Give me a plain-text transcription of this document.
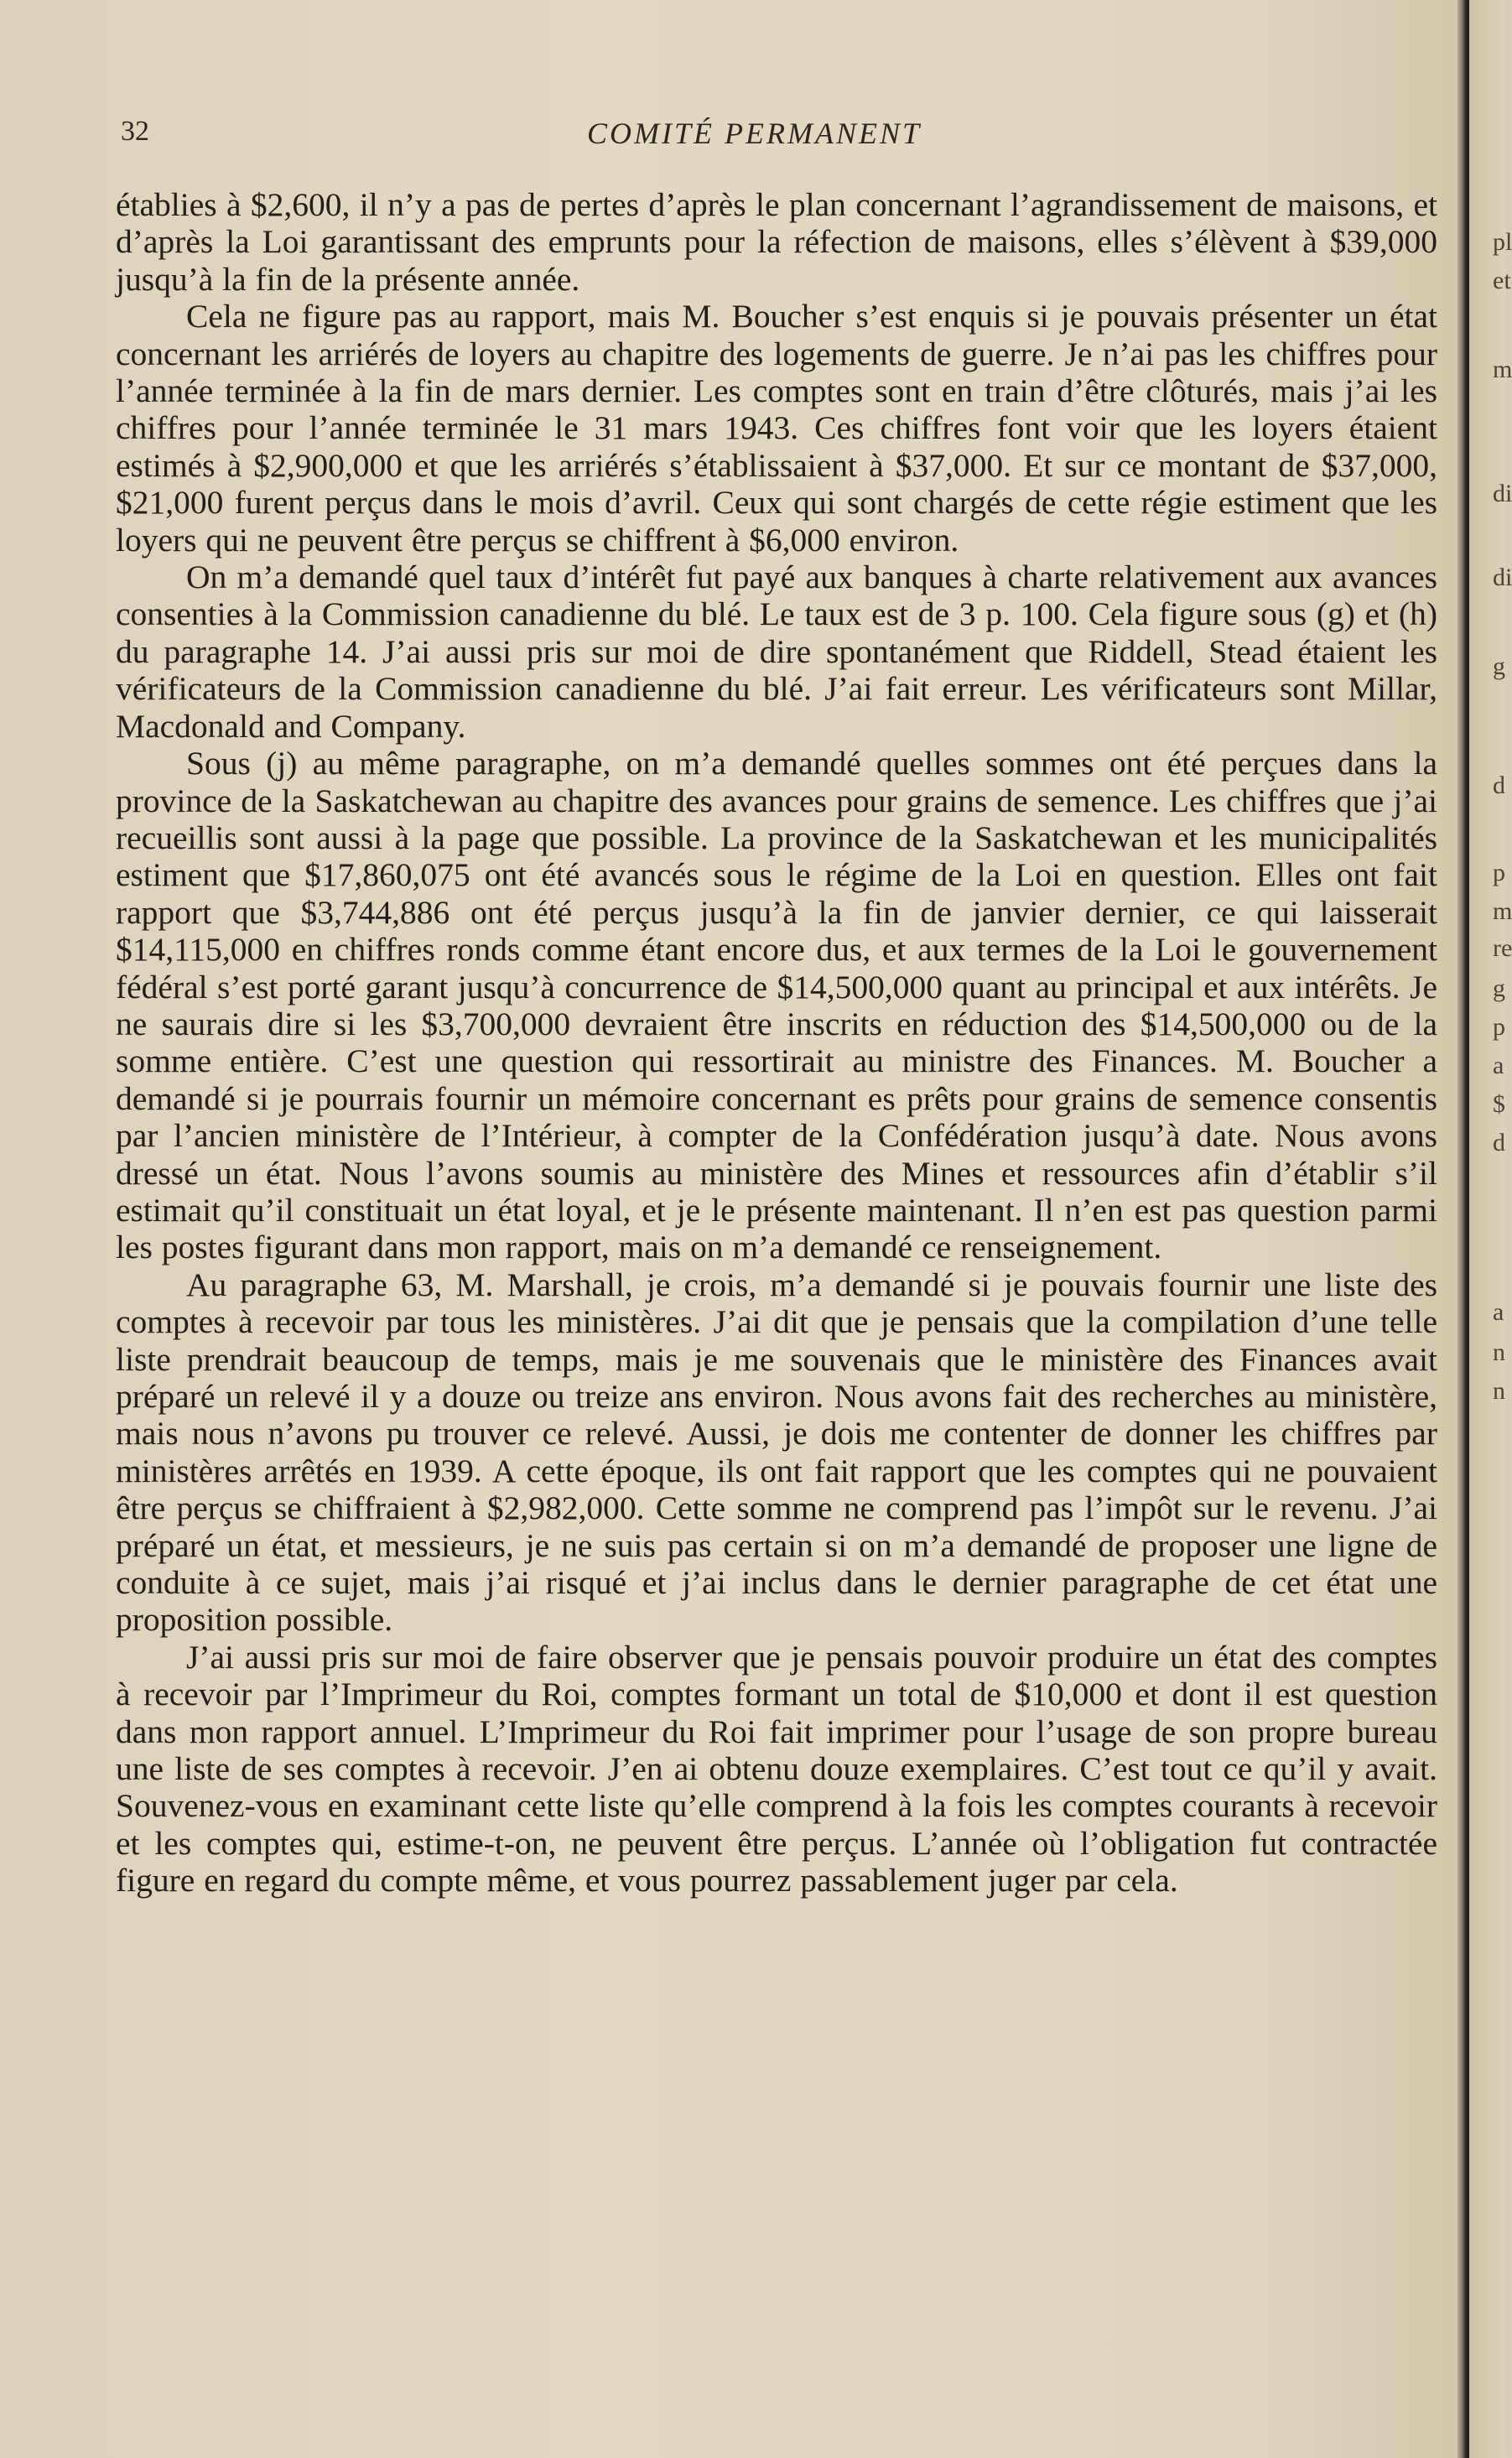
32	COMITÉ PERMANENT

établies à $2,600, il n’y a pas de pertes d’après le plan concernant l’agrandissement de maisons, et d’après la Loi garantissant des emprunts pour la réfection de maisons, elles s’élèvent à $39,000 jusqu’à la fin de la présente année.

Cela ne figure pas au rapport, mais M. Boucher s’est enquis si je pouvais présenter un état concernant les arriérés de loyers au chapitre des logements de guerre. Je n’ai pas les chiffres pour l’année terminée à la fin de mars dernier. Les comptes sont en train d’être clôturés, mais j’ai les chiffres pour l’année terminée le 31 mars 1943. Ces chiffres font voir que les loyers étaient estimés à $2,900,000 et que les arriérés s’établissaient à $37,000. Et sur ce montant de $37,000, $21,000 furent perçus dans le mois d’avril. Ceux qui sont chargés de cette régie estiment que les loyers qui ne peuvent être perçus se chiffrent à $6,000 environ.

On m’a demandé quel taux d’intérêt fut payé aux banques à charte relativement aux avances consenties à la Commission canadienne du blé. Le taux est de 3 p. 100. Cela figure sous (g) et (h) du paragraphe 14. J’ai aussi pris sur moi de dire spontanément que Riddell, Stead étaient les vérificateurs de la Commission canadienne du blé. J’ai fait erreur. Les vérificateurs sont Millar, Macdonald and Company.

Sous (j) au même paragraphe, on m’a demandé quelles sommes ont été perçues dans la province de la Saskatchewan au chapitre des avances pour grains de semence. Les chiffres que j’ai recueillis sont aussi à la page que possible. La province de la Saskatchewan et les municipalités estiment que $17,860,075 ont été avancés sous le régime de la Loi en question. Elles ont fait rapport que $3,744,886 ont été perçus jusqu’à la fin de janvier dernier, ce qui laisserait $14,115,000 en chiffres ronds comme étant encore dus, et aux termes de la Loi le gouvernement fédéral s’est porté garant jusqu’à concurrence de $14,500,000 quant au principal et aux intérêts. Je ne saurais dire si les $3,700,000 devraient être inscrits en réduction des $14,500,000 ou de la somme entière. C’est une question qui ressortirait au ministre des Finances. M. Boucher a demandé si je pourrais fournir un mémoire concernant es prêts pour grains de semence consentis par l’ancien ministère de l’Intérieur, à compter de la Confédération jusqu’à date. Nous avons dressé un état. Nous l’avons soumis au ministère des Mines et ressources afin d’établir s’il estimait qu’il constituait un état loyal, et je le présente maintenant. Il n’en est pas question parmi les postes figurant dans mon rapport, mais on m’a demandé ce renseignement.

Au paragraphe 63, M. Marshall, je crois, m’a demandé si je pouvais fournir une liste des comptes à recevoir par tous les ministères. J’ai dit que je pensais que la compilation d’une telle liste prendrait beaucoup de temps, mais je me souvenais que le ministère des Finances avait préparé un relevé il y a douze ou treize ans environ. Nous avons fait des recherches au ministère, mais nous n’avons pu trouver ce relevé. Aussi, je dois me contenter de donner les chiffres par ministères arrêtés en 1939. A cette époque, ils ont fait rapport que les comptes qui ne pouvaient être perçus se chiffraient à $2,982,000. Cette somme ne comprend pas l’impôt sur le revenu. J’ai préparé un état, et messieurs, je ne suis pas certain si on m’a demandé de proposer une ligne de conduite à ce sujet, mais j’ai risqué et j’ai inclus dans le dernier paragraphe de cet état une proposition possible.

J’ai aussi pris sur moi de faire observer que je pensais pouvoir produire un état des comptes à recevoir par l’Imprimeur du Roi, comptes formant un total de $10,000 et dont il est question dans mon rapport annuel. L’Imprimeur du Roi fait imprimer pour l’usage de son propre bureau une liste de ses comptes à recevoir. J’en ai obtenu douze exemplaires. C’est tout ce qu’il y avait. Souvenez-vous en examinant cette liste qu’elle comprend à la fois les comptes courants à recevoir et les comptes qui, estime-t-on, ne peuvent être perçus. L’année où l’obligation fut contractée figure en regard du compte même, et vous pourrez passablement juger par cela.

pl
et
m
di
di
g
d
p
m
re
g
p
a
$
d
a
n
n
